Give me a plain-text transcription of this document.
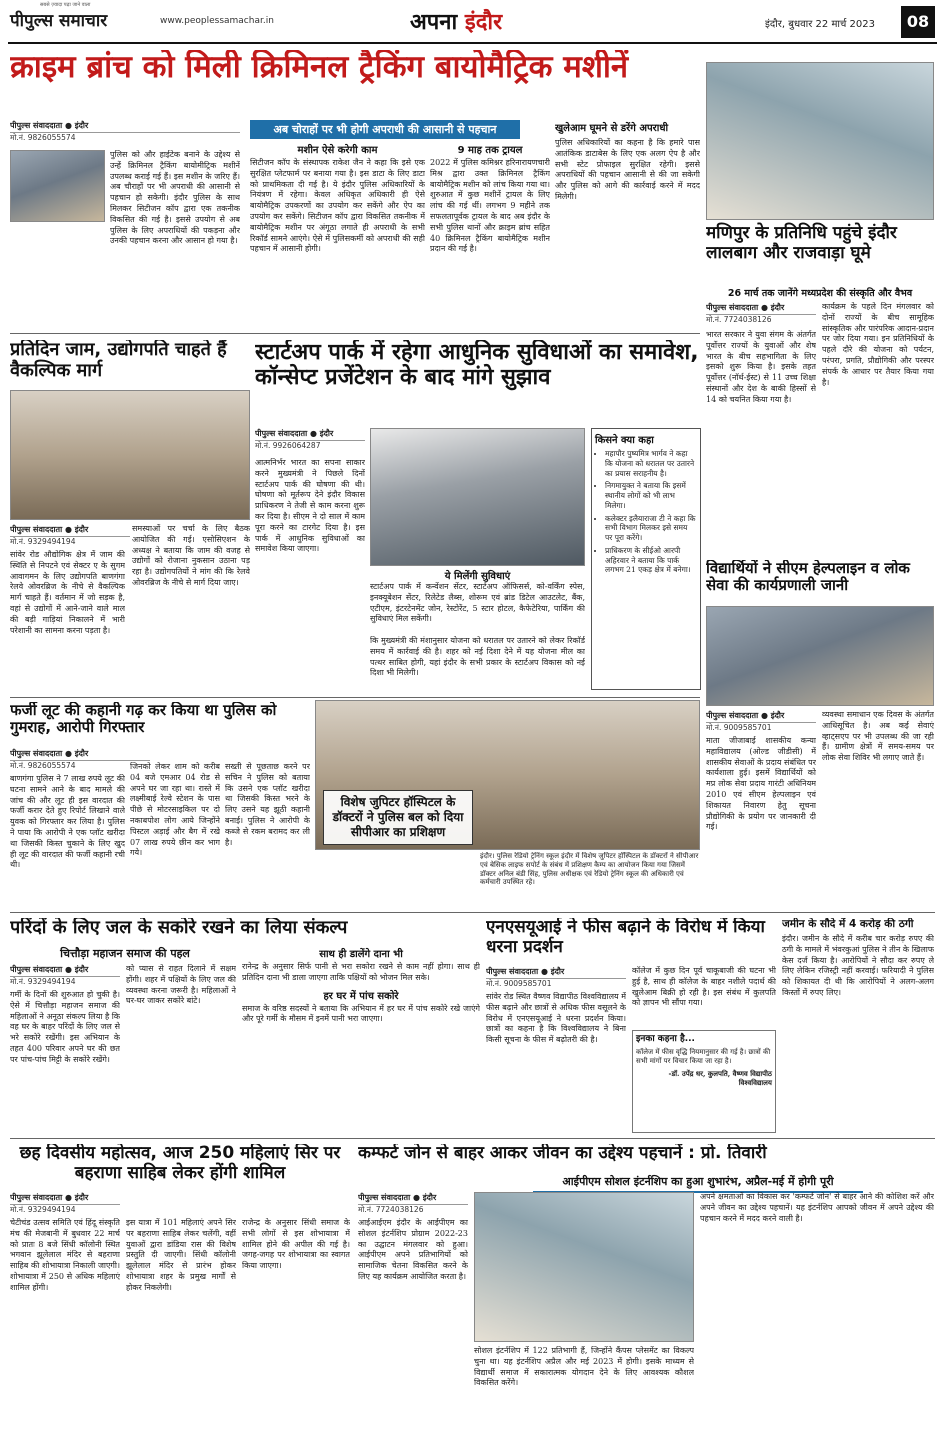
पीपुल्स समाचार
सबसे ज़्यादा पढ़ा जाने वाला
www.peoplessamachar.in	अपना इंदौर	इंदौर, बुधवार 22 मार्च 2023	08
क्राइम ब्रांच को मिली क्रिमिनल ट्रैकिंग बायोमैट्रिक मशीनें
अब चोराहों पर भी होगी अपराधी की आसानी से पहचान
पीपुल्स संवाददाता ● इंदौर
मो.नं. 9826055574
पुलिस को और हाईटेक बनाने के उद्देश्य से उन्हें क्रिमिनल ट्रैकिंग बायोमीट्रिक मशीनें उपलब्ध कराई गई हैं। इस मशीन के जरिए हैं। अब चौराहों पर भी अपराधी की आसानी से पहचान हो सकेगी। इंदौर पुलिस के साथ मिलकर सिटीजन कॉप द्वारा एक तकनीक विकसित की गई है। इससे उपयोग से अब पुलिस के लिए अपराधियों की पकड़ना और उनकी पहचान करना और आसान हो गया है।
मशीन ऐसे करेगी काम
सिटीजन कॉप के संस्थापक राकेश जैन ने कहा कि इसे एक सुरक्षित प्लेटफार्म पर बनाया गया है। इस डाटा के लिए डाटा को प्राथमिकता दी गई है। ये इंदौर पुलिस अधिकारियों के नियंत्रण में रहेगा। केवल अधिकृत अधिकारी ही ऐसे बायोमैट्रिक उपकरणों का उपयोग कर सकेंगे और ऐप का उपयोग कर सकेंगे। सिटीजन कॉप द्वारा विकसित तकनीक में बायोमैट्रिक मशीन पर अंगूठा लगाते ही अपराधी के सभी रिकॉर्ड सामने आएंगे। ऐसे में पुलिसकर्मी को अपराधी की सही पहचान में आसानी होगी।
9 माह तक ट्रायल
2022 में पुलिस कमिश्नर हरिनारायणचारी मिश्र द्वारा उक्त क्रिमिनल ट्रैकिंग बायोमैट्रिक मशीन को लांच किया गया था। शुरुआत में कुछ मशीनें ट्रायल के लिए लांच की गई थीं। लगभग 9 महीने तक सफलतापूर्वक ट्रायल के बाद अब इंदौर के सभी पुलिस थानों और क्राइम ब्रांच सहित 40 क्रिमिनल ट्रैकिंग बायोमैट्रिक मशीन प्रदान की गई है।
खुलेआम घूमने से डरेंगे अपराधी
पुलिस अधिकारियों का कहना है कि हमारे पास आतंकिक डाटाबेस के लिए एक अलग ऐप है और सभी स्टेट प्रोफाइल सुरक्षित रहेगी। इससे अपराधियों की पहचान आसानी से की जा सकेगी और पुलिस को आगे की कार्रवाई करने में मदद मिलेगी।
मणिपुर के प्रतिनिधि पहुंचे इंदौर लालबाग और राजवाड़ा घूमे
26 मार्च तक जानेंगे मध्यप्रदेश की संस्कृति और वैभव
पीपुल्स संवाददाता ● इंदौर
मो.नं. 7724038126
भारत सरकार ने युवा संगम के अंतर्गत पूर्वोत्तर राज्यों के युवाओं और शेष भारत के बीच सहभागिता के लिए इसको शुरू किया है। इसके तहत पूर्वोत्तर (नॉर्थ-ईस्ट) से 11 उच्च शिक्षा संस्थानों और देश के बाकी हिस्सों से 14 को चयनित किया गया है।
कार्यक्रम के पहले दिन मंगलवार को दोनों राज्यों के बीच सामूहिक सांस्कृतिक और पारंपरिक आदान-प्रदान पर जोर दिया गया। इन प्रतिनिधियों के पहले दौरे की योजना को पर्यटन, परंपरा, प्रगति, प्रौद्योगिकी और परस्पर संपर्क के आधार पर तैयार किया गया है।
प्रतिदिन जाम, उद्योगपति चाहते हैं वैकल्पिक मार्ग
पीपुल्स संवाददाता ● इंदौर
मो.नं. 9329494194
सांवेर रोड औद्योगिक क्षेत्र में जाम की स्थिति से निपटने एवं सेक्टर ए के सुगम आवागमन के लिए उद्योगपति बाणगंगा रेलवे ओवरब्रिज के नीचे से वैकल्पिक मार्ग चाहते हैं। वर्तमान में जो सड़क है, वहां से उद्योगों में आने-जाने वाले माल की बड़ी गाड़ियां निकालने में भारी परेशानी का सामना करना पड़ता है।
समस्याओं पर चर्चा के लिए बैठक आयोजित की गई। एसोसिएशन के अध्यक्ष ने बताया कि जाम की वजह से उद्योगों को रोजाना नुकसान उठाना पड़ रहा है। उद्योगपतियों ने मांग की कि रेलवे ओवरब्रिज के नीचे से मार्ग दिया जाए।
स्टार्टअप पार्क में रहेगा आधुनिक सुविधाओं का समावेश, कॉन्सेप्ट प्रजेंटेशन के बाद मांगे सुझाव
पीपुल्स संवाददाता ● इंदौर
मो.नं. 9926064287
आत्मनिर्भर भारत का सपना साकार करने मुख्यमंत्री ने पिछले दिनों स्टार्टअप पार्क की घोषणा की थी। घोषणा को मूर्तरूप देने इंदौर विकास प्राधिकरण ने तेजी से काम करना शुरू कर दिया है। सीएम ने दो साल में काम पूरा करने का टारगेट दिया है। इस पार्क में आधुनिक सुविधाओं का समावेश किया जाएगा।
ये मिलेंगी सुविधाएं
स्टार्टअप पार्क में कन्वेंशन सेंटर, स्टार्टअप ऑफिसर्स, को-वर्किंग स्पेस, इनक्यूबेशन सेंटर, रिलेटेड लैब्स, शोरूम एवं ब्रांड डिटेल आउटलेट, बैंक, एटीएम, इंटरटेनमेंट जोन, रेस्टोरेंट, 5 स्टार होटल, कैफेटेरिया, पार्किंग की सुविधाएं मिल सकेंगी।
कि मुख्यमंत्री की मंशानुसार योजना को धरातल पर उतारने को लेकर रिकॉर्ड समय में कार्रवाई की है। शहर को नई दिशा देने में यह योजना मील का पत्थर साबित होगी, यहां इंदौर के सभी प्रकार के स्टार्टअप विकास को नई दिशा भी मिलेगी।
किसने क्या कहा
• महापौर पुष्यमित्र भार्गव ने कहा कि योजना को धरातल पर उतारने का प्रयास सराहनीय है।
• निगमायुक्त ने बताया कि इसमें स्थानीय लोगों को भी लाभ मिलेगा।
• कलेक्टर इलैयाराजा टी ने कहा कि सभी विभाग मिलकर इसे समय पर पूरा करेंगे।
• प्राधिकरण के सीईओ आरपी अहिरवार ने बताया कि पार्क लगभग 21 एकड़ क्षेत्र में बनेगा।	विद्यार्थियों ने सीएम हेल्पलाइन व लोक सेवा की कार्यप्रणाली जानी
पीपुल्स संवाददाता ● इंदौर
मो.नं. 9009585701
माता जीजाबाई शासकीय कन्या महाविद्यालय (ओल्ड जीडीसी) में शासकीय सेवाओं के प्रदाय संबंधित पर कार्यशाला हुई। इसमें विद्यार्थियों को मप्र लोक सेवा प्रदाय गारंटी अधिनियम 2010 एवं सीएम हेल्पलाइन एवं शिकायत निवारण हेतु सूचना प्रौद्योगिकी के प्रयोग पर जानकारी दी गई।
व्यवस्था समाधान एक दिवस के अंतर्गत आधिसूचित है। अब कई सेवाएं व्हाट्सएप पर भी उपलब्ध की जा रही हैं। ग्रामीण क्षेत्रों में समय-समय पर लोक सेवा शिविर भी लगाए जाते हैं।
फर्जी लूट की कहानी गढ़ कर किया था पुलिस को गुमराह, आरोपी गिरफ्तार
पीपुल्स संवाददाता ● इंदौर
मो.नं. 9826055574
बाणगंगा पुलिस ने 7 लाख रुपये लूट की घटना सामने आने के बाद मामले की जांच की और लूट ही इस वारदात की फर्जी करार देते हुए रिपोर्ट लिखाने वाले युवक को गिरफ्तार कर लिया है। पुलिस ने पाया कि आरोपी ने एक प्लॉट खरीदा था जिसकी किस्त चुकाने के लिए खुद ही लूट की वारदात की फर्जी कहानी रची थी।
जिनको लेकर शाम को करीब 04 बजे एमआर 04 रोड से अपने घर जा रहा था। रास्ते में लक्ष्मीबाई रेल्वे स्टेशन के पास पीछे से मोटरसाइकिल पर दो नकाबपोश लोग आये जिन्होंने पिस्टल अड़ाई और बैग में रखे 07 लाख रुपये छीन कर भाग गये।
सख्ती से पूछताछ करने पर सचिन ने पुलिस को बताया कि उसने एक प्लॉट खरीदा था जिसकी किस्त भरने के लिए उसने यह झूठी कहानी बनाई। पुलिस ने आरोपी के कब्जे से रकम बरामद कर ली है।
विशेष जुपिटर हॉस्पिटल के डॉक्टरों ने पुलिस बल को दिया सीपीआर का प्रशिक्षण
इंदौर। पुलिस रेडियो ट्रेनिंग स्कूल इंदौर में विशेष जुपिटर हॉस्पिटल के डॉक्टरों ने सीपीआर एवं बेसिक लाइफ सपोर्ट के संबंध में प्रशिक्षण कैम्प का आयोजन किया गया जिसमें डॉक्टर अनिल बंडी सिंह, पुलिस अधीक्षक एवं रेडियो ट्रेनिंग स्कूल की अधिकारी एवं कर्मचारी उपस्थित रहे।
परिंदों के लिए जल के सकोरे रखने का लिया संकल्प
चित्तौड़ा महाजन समाज की पहल
पीपुल्स संवाददाता ● इंदौर
मो.नं. 9329494194
गर्मी के दिनों की शुरुआत हो चुकी है। ऐसे में चित्तौड़ा महाजन समाज की महिलाओं ने अनूठा संकल्प लिया है कि वह घर के बाहर परिंदों के लिए जल से भरे सकोरे रखेंगी। इस अभियान के तहत 400 परिवार अपने घर की छत पर पांच-पांच मिट्टी के सकोरे रखेंगे।
को प्यास से राहत दिलाने में सक्षम होंगी। शहर में पक्षियों के लिए जल की व्यवस्था करना जरूरी है। महिलाओं ने घर-घर जाकर सकोरे बांटे।
साथ ही डालेंगे दाना भी
रानेन्द्र के अनुसार सिर्फ पानी से भरा सकोरा रखने से काम नहीं होगा। साथ ही प्रतिदिन दाना भी डाला जाएगा ताकि पक्षियों को भोजन मिल सके।
हर घर में पांच सकोरे
समाज के वरिष्ठ सदस्यों ने बताया कि अभियान में हर घर में पांच सकोरे रखे जाएंगे और पूरे गर्मी के मौसम में इनमें पानी भरा जाएगा।
एनएसयूआई ने फीस बढ़ाने के विरोध में किया धरना प्रदर्शन
पीपुल्स संवाददाता ● इंदौर
मो.नं. 9009585701
सांवेर रोड स्थित वैष्णव विद्यापीठ विश्वविद्यालय में फीस बढ़ाने और छात्रों से अधिक फीस वसूलने के विरोध में एनएसयूआई ने धरना प्रदर्शन किया। छात्रों का कहना है कि विश्वविद्यालय ने बिना किसी सूचना के फीस में बढ़ोतरी की है।
कॉलेज में कुछ दिन पूर्व चाकूबाजी की घटना भी हुई है, साथ ही कॉलेज के बाहर नशीले पदार्थ की खुलेआम बिक्री हो रही है। इस संबंध में कुलपति को ज्ञापन भी सौंपा गया।
इनका कहना है...
कॉलेज में फीस वृद्धि नियमानुसार की गई है। छात्रों की सभी मांगों पर विचार किया जा रहा है।
-डॉ. उपेंद्र धर, कुलपति, वैष्णव विद्यापीठ विश्वविद्यालय
जमीन के सौदे में 4 करोड़ की ठगी
इंदौर। जमीन के सौदे में करीब चार करोड़ रुपए की ठगी के मामले में भंवरकुआं पुलिस ने तीन के खिलाफ केस दर्ज किया है। आरोपियों ने सौदा कर रुपए ले लिए लेकिन रजिस्ट्री नहीं करवाई। फरियादी ने पुलिस को शिकायत दी थी कि आरोपियों ने अलग-अलग किस्तों में रुपए लिए।
छह दिवसीय महोत्सव, आज 250 महिलाएं सिर पर बहराणा साहिब लेकर होंगी शामिल
पीपुल्स संवाददाता ● इंदौर
मो.नं. 9329494194
चेटीचंड उत्सव समिति एवं हिंदू संस्कृति मंच की मेजबानी में बुधवार 22 मार्च को प्रातः 8 बजे सिंधी कॉलोनी स्थित भगवान झूलेलाल मंदिर से बहराणा साहिब की शोभायात्रा निकाली जाएगी। शोभायात्रा में 250 से अधिक महिलाएं शामिल होंगी।
इस यात्रा में 101 महिलाएं अपने सिर पर बहराणा साहिब लेकर चलेंगी, वहीं युवाओं द्वारा डांडिया रास की विशेष प्रस्तुति दी जाएगी। सिंधी कॉलोनी झूलेलाल मंदिर से प्रारंभ होकर शोभायात्रा शहर के प्रमुख मार्गों से होकर निकलेगी।
राजेन्द्र के अनुसार सिंधी समाज के सभी लोगों से इस शोभायात्रा में शामिल होने की अपील की गई है। जगह-जगह पर शोभायात्रा का स्वागत किया जाएगा।
कम्फर्ट जोन से बाहर आकर जीवन का उद्देश्य पहचानें : प्रो. तिवारी
आईपीएम सोशल इंटर्नशिप का हुआ शुभारंभ, अप्रैल-मई में होगी पूरी
पीपुल्स संवाददाता ● इंदौर
मो.नं. 7724038126
आईआईएम इंदौर के आईपीएम का सोशल इंटर्नशिप प्रोग्राम 2022-23 का उद्घाटन मंगलवार को हुआ। आईपीएम अपने प्रतिभागियों को सामाजिक चेतना विकसित करने के लिए यह कार्यक्रम आयोजित करता है।
सोशल इंटर्नशिप में 122 प्रतिभागी हैं, जिन्होंने कैंपस प्लेसमेंट का विकल्प चुना था। यह इंटर्नशिप अप्रैल और मई 2023 में होगी। इसके माध्यम से विद्यार्थी समाज में सकारात्मक योगदान देने के लिए आवश्यक कौशल विकसित करेंगे।
अपने क्षमताओं का विकास कर 'कम्फर्ट जोन' से बाहर आने की कोशिश करें और अपने जीवन का उद्देश्य पहचानें। यह इंटर्नशिप आपको जीवन में अपने उद्देश्य की पहचान करने में मदद करने वाली है।
